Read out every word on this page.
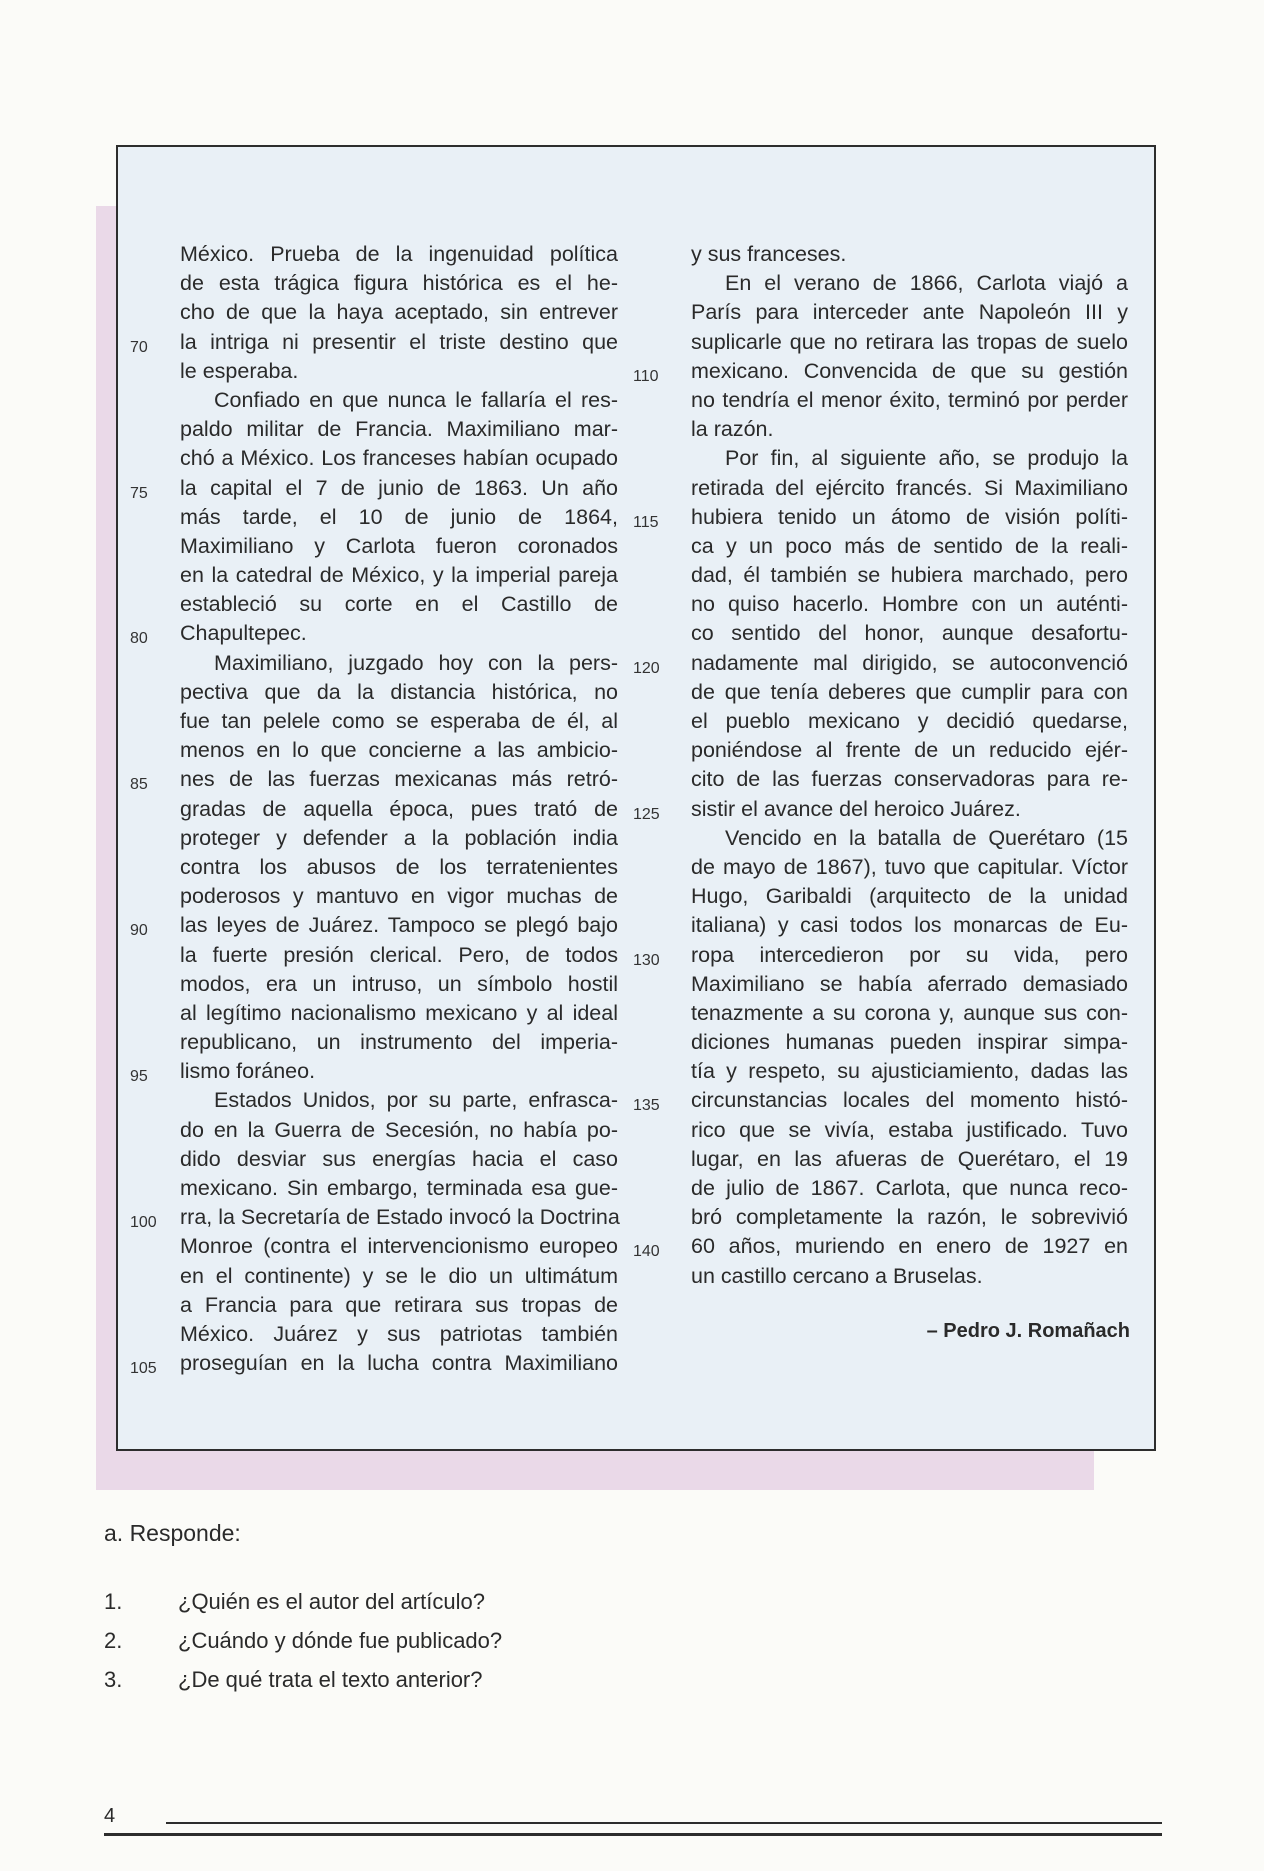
México. Prueba de la ingenuidad política
de esta trágica figura histórica es el he-
cho de que la haya aceptado, sin entrever
la intriga ni presentir el triste destino que
70
le esperaba.
Confiado en que nunca le fallaría el res-
paldo militar de Francia. Maximiliano mar-
chó a México. Los franceses habían ocupado
la capital el 7 de junio de 1863. Un año
75
más tarde, el 10 de junio de 1864,
Maximiliano y Carlota fueron coronados
en la catedral de México, y la imperial pareja
estableció su corte en el Castillo de
Chapultepec.
80
Maximiliano, juzgado hoy con la pers-
pectiva que da la distancia histórica, no
fue tan pelele como se esperaba de él, al
menos en lo que concierne a las ambicio-
nes de las fuerzas mexicanas más retró-
85
gradas de aquella época, pues trató de
proteger y defender a la población india
contra los abusos de los terratenientes
poderosos y mantuvo en vigor muchas de
las leyes de Juárez. Tampoco se plegó bajo
90
la fuerte presión clerical. Pero, de todos
modos, era un intruso, un símbolo hostil
al legítimo nacionalismo mexicano y al ideal
republicano, un instrumento del imperia-
lismo foráneo.
95
Estados Unidos, por su parte, enfrasca-
do en la Guerra de Secesión, no había po-
dido desviar sus energías hacia el caso
mexicano. Sin embargo, terminada esa gue-
rra, la Secretaría de Estado invocó la Doctrina
100
Monroe (contra el intervencionismo europeo
en el continente) y se le dio un ultimátum
a Francia para que retirara sus tropas de
México. Juárez y sus patriotas también
proseguían en la lucha contra Maximiliano
105
y sus franceses.
En el verano de 1866, Carlota viajó a
París para interceder ante Napoleón III y
suplicarle que no retirara las tropas de suelo
mexicano. Convencida de que su gestión
110
no tendría el menor éxito, terminó por perder
la razón.
Por fin, al siguiente año, se produjo la
retirada del ejército francés. Si Maximiliano
hubiera tenido un átomo de visión políti-
115
ca y un poco más de sentido de la reali-
dad, él también se hubiera marchado, pero
no quiso hacerlo. Hombre con un auténti-
co sentido del honor, aunque desafortu-
nadamente mal dirigido, se autoconvenció
120
de que tenía deberes que cumplir para con
el pueblo mexicano y decidió quedarse,
poniéndose al frente de un reducido ejér-
cito de las fuerzas conservadoras para re-
sistir el avance del heroico Juárez.
125
Vencido en la batalla de Querétaro (15
de mayo de 1867), tuvo que capitular. Víctor
Hugo, Garibaldi (arquitecto de la unidad
italiana) y casi todos los monarcas de Eu-
ropa intercedieron por su vida, pero
130
Maximiliano se había aferrado demasiado
tenazmente a su corona y, aunque sus con-
diciones humanas pueden inspirar simpa-
tía y respeto, su ajusticiamiento, dadas las
circunstancias locales del momento histó-
135
rico que se vivía, estaba justificado. Tuvo
lugar, en las afueras de Querétaro, el 19
de julio de 1867. Carlota, que nunca reco-
bró completamente la razón, le sobrevivió
60 años, muriendo en enero de 1927 en
140
un castillo cercano a Bruselas.
– Pedro J. Romañach
a. Responde:
1.	¿Quién es el autor del artículo?
2.	¿Cuándo y dónde fue publicado?
3.	¿De qué trata el texto anterior?
4
